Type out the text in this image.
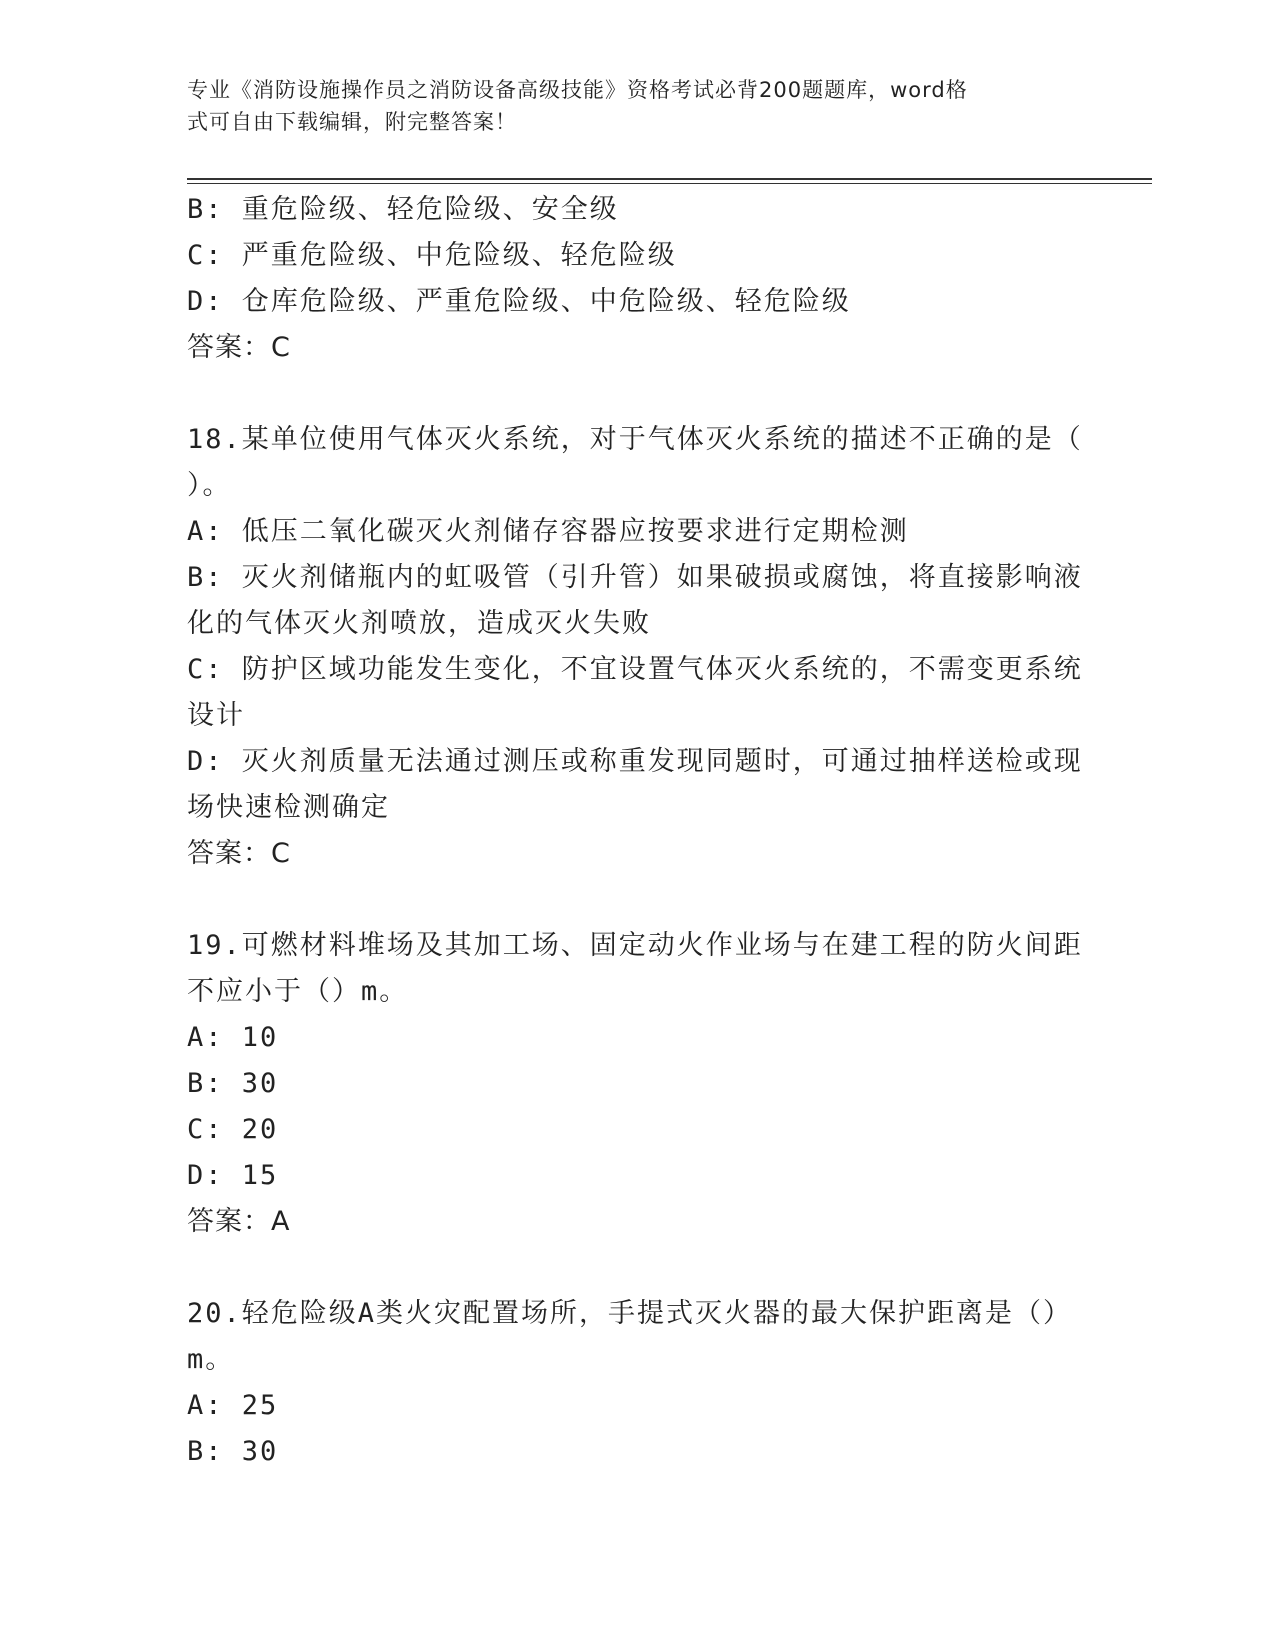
专业《消防设施操作员之消防设备高级技能》资格考试必背200题题库，word格
式可自由下载编辑，附完整答案！
B: 重危险级、轻危险级、安全级
C: 严重危险级、中危险级、轻危险级
D: 仓库危险级、严重危险级、中危险级、轻危险级
答案：C
18.某单位使用气体灭火系统，对于气体灭火系统的描述不正确的是（
）。
A: 低压二氧化碳灭火剂储存容器应按要求进行定期检测
B: 灭火剂储瓶内的虹吸管（引升管）如果破损或腐蚀，将直接影响液
化的气体灭火剂喷放，造成灭火失败
C: 防护区域功能发生变化，不宜设置气体灭火系统的，不需变更系统
设计
D: 灭火剂质量无法通过测压或称重发现同题时，可通过抽样送检或现
场快速检测确定
答案：C
19.可燃材料堆场及其加工场、固定动火作业场与在建工程的防火间距
不应小于（）m。
A: 10
B: 30
C: 20
D: 15
答案：A
20.轻危险级A类火灾配置场所，手提式灭火器的最大保护距离是（）
m。
A: 25
B: 30
